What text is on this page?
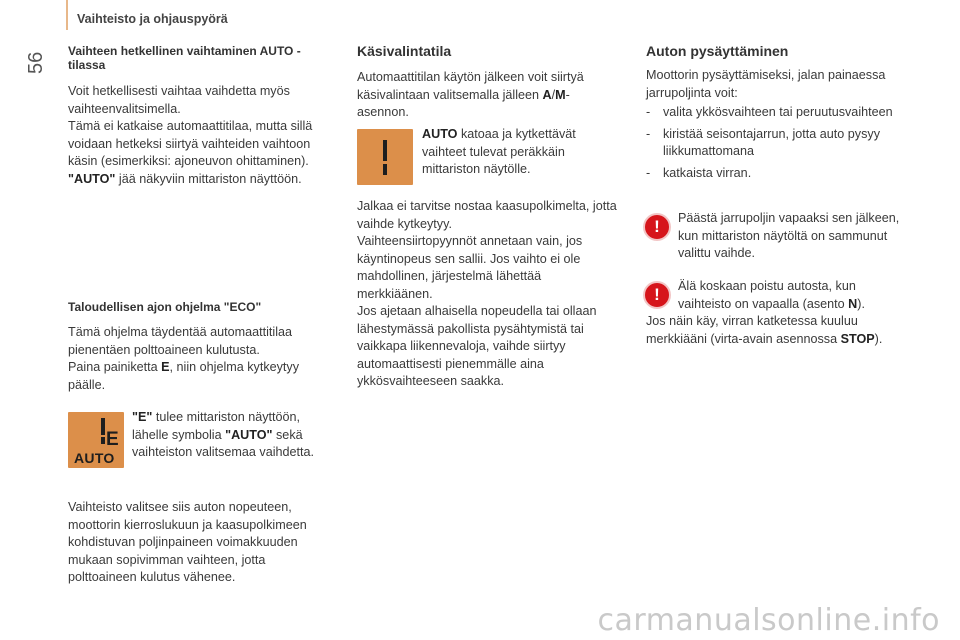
Vaihteisto ja ohjauspyörä
56
Vaihteen hetkellinen vaihtaminen AUTO - tilassa

Voit hetkellisesti vaihtaa vaihdetta myös vaihteenvalitsimella.

Tämä ei katkaise automaattitilaa, mutta sillä voidaan hetkeksi siirtyä vaihteiden vaihtoon käsin (esimerkiksi: ajoneuvon ohittaminen).

"AUTO" jää näkyviin mittariston näyttöön.

Taloudellisen ajon ohjelma "ECO"

Tämä ohjelma täydentää automaattitilaa pienentäen polttoaineen kulutusta.

Paina painiketta E, niin ohjelma kytkeytyy päälle.

E
AUTO

"E" tulee mittariston näyttöön, lähelle symbolia "AUTO" sekä vaihteiston valitsemaa vaihdetta.

Vaihteisto valitsee siis auton nopeuteen, moottorin kierroslukuun ja kaasupolkimeen kohdistuvan poljinpaineen voimakkuuden mukaan sopivimman vaihteen, jotta polttoaineen kulutus vähenee.

Käsivalintatila

Automaattitilan käytön jälkeen voit siirtyä käsivalintaan valitsemalla jälleen A/M-asennon.

AUTO katoaa ja kytkettävät vaihteet tulevat peräkkäin mittariston näytölle.

Jalkaa ei tarvitse nostaa kaasupolkimelta, jotta vaihde kytkeytyy.

Vaihteensiirtopyynnöt annetaan vain, jos käyntinopeus sen sallii. Jos vaihto ei ole mahdollinen, järjestelmä lähettää merkkiäänen.

Jos ajetaan alhaisella nopeudella tai ollaan lähestymässä pakollista pysähtymistä tai vaikkapa liikennevaloja, vaihde siirtyy automaattisesti pienemmälle aina ykkösvaihteeseen saakka.

Auton pysäyttäminen

Moottorin pysäyttämiseksi, jalan painaessa jarrupoljinta voit:

- valita ykkösvaihteen tai peruutusvaihteen
- kiristää seisontajarrun, jotta auto pysyy liikkumattomana
- katkaista virran.
!	Päästä jarrupoljin vapaaksi sen jälkeen, kun mittariston näytöltä on sammunut valittu vaihde.

!	Älä koskaan poistu autosta, kun vaihteisto on vapaalla (asento N).

Jos näin käy, virran katketessa kuuluu merkkiääni (virta-avain asennossa STOP).

carmanualsonline.info
